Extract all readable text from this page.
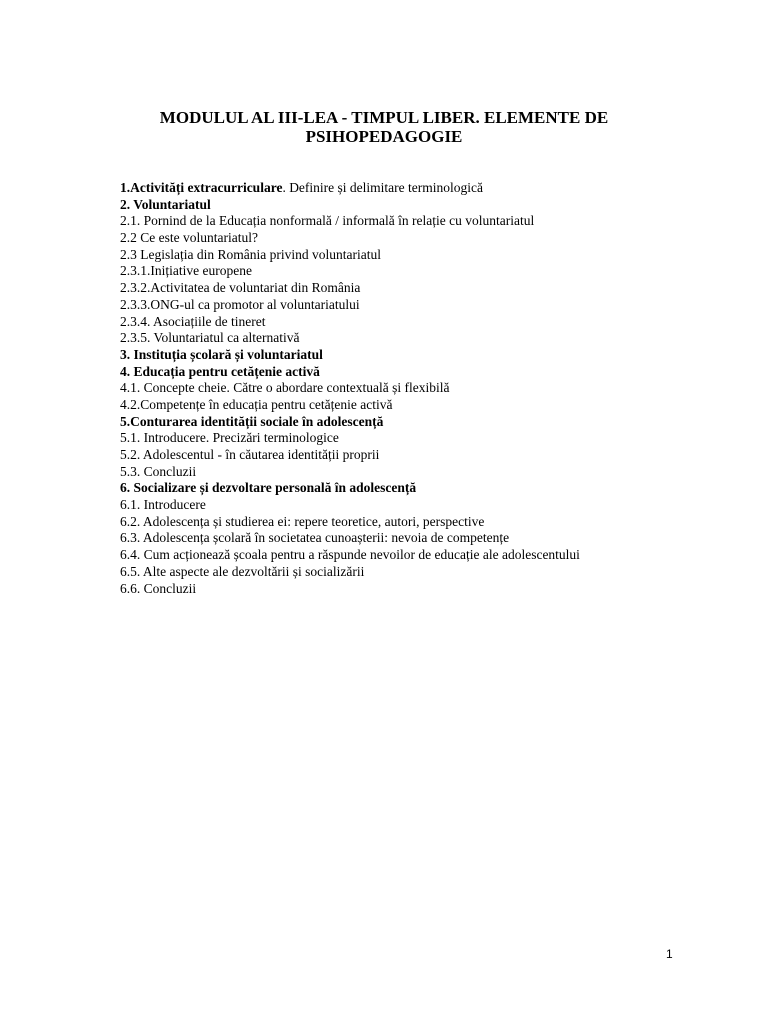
MODULUL AL III-LEA - TIMPUL LIBER. ELEMENTE DE PSIHOPEDAGOGIE
1.Activități extracurriculare. Definire și delimitare terminologică
2. Voluntariatul
2.1. Pornind de la Educația nonformală / informală în relație cu voluntariatul
2.2 Ce este voluntariatul?
2.3 Legislația din România privind voluntariatul
2.3.1.Inițiative europene
2.3.2.Activitatea de voluntariat din România
2.3.3.ONG-ul ca promotor al voluntariatului
2.3.4. Asociațiile de tineret
2.3.5. Voluntariatul ca alternativă
3. Instituția școlară și voluntariatul
4. Educația pentru cetățenie activă
4.1. Concepte cheie. Către o abordare contextuală și flexibilă
4.2.Competențe în educația pentru cetățenie activă
5.Conturarea identității sociale în adolescență
5.1. Introducere. Precizări terminologice
5.2. Adolescentul - în căutarea identității proprii
5.3. Concluzii
6. Socializare și dezvoltare personală în adolescență
6.1. Introducere
6.2. Adolescența și studierea ei: repere teoretice, autori, perspective
6.3. Adolescența școlară în societatea cunoașterii: nevoia de competențe
6.4. Cum acționează școala pentru a răspunde nevoilor de educație ale adolescentului
6.5. Alte aspecte ale dezvoltării și socializării
6.6. Concluzii
1
